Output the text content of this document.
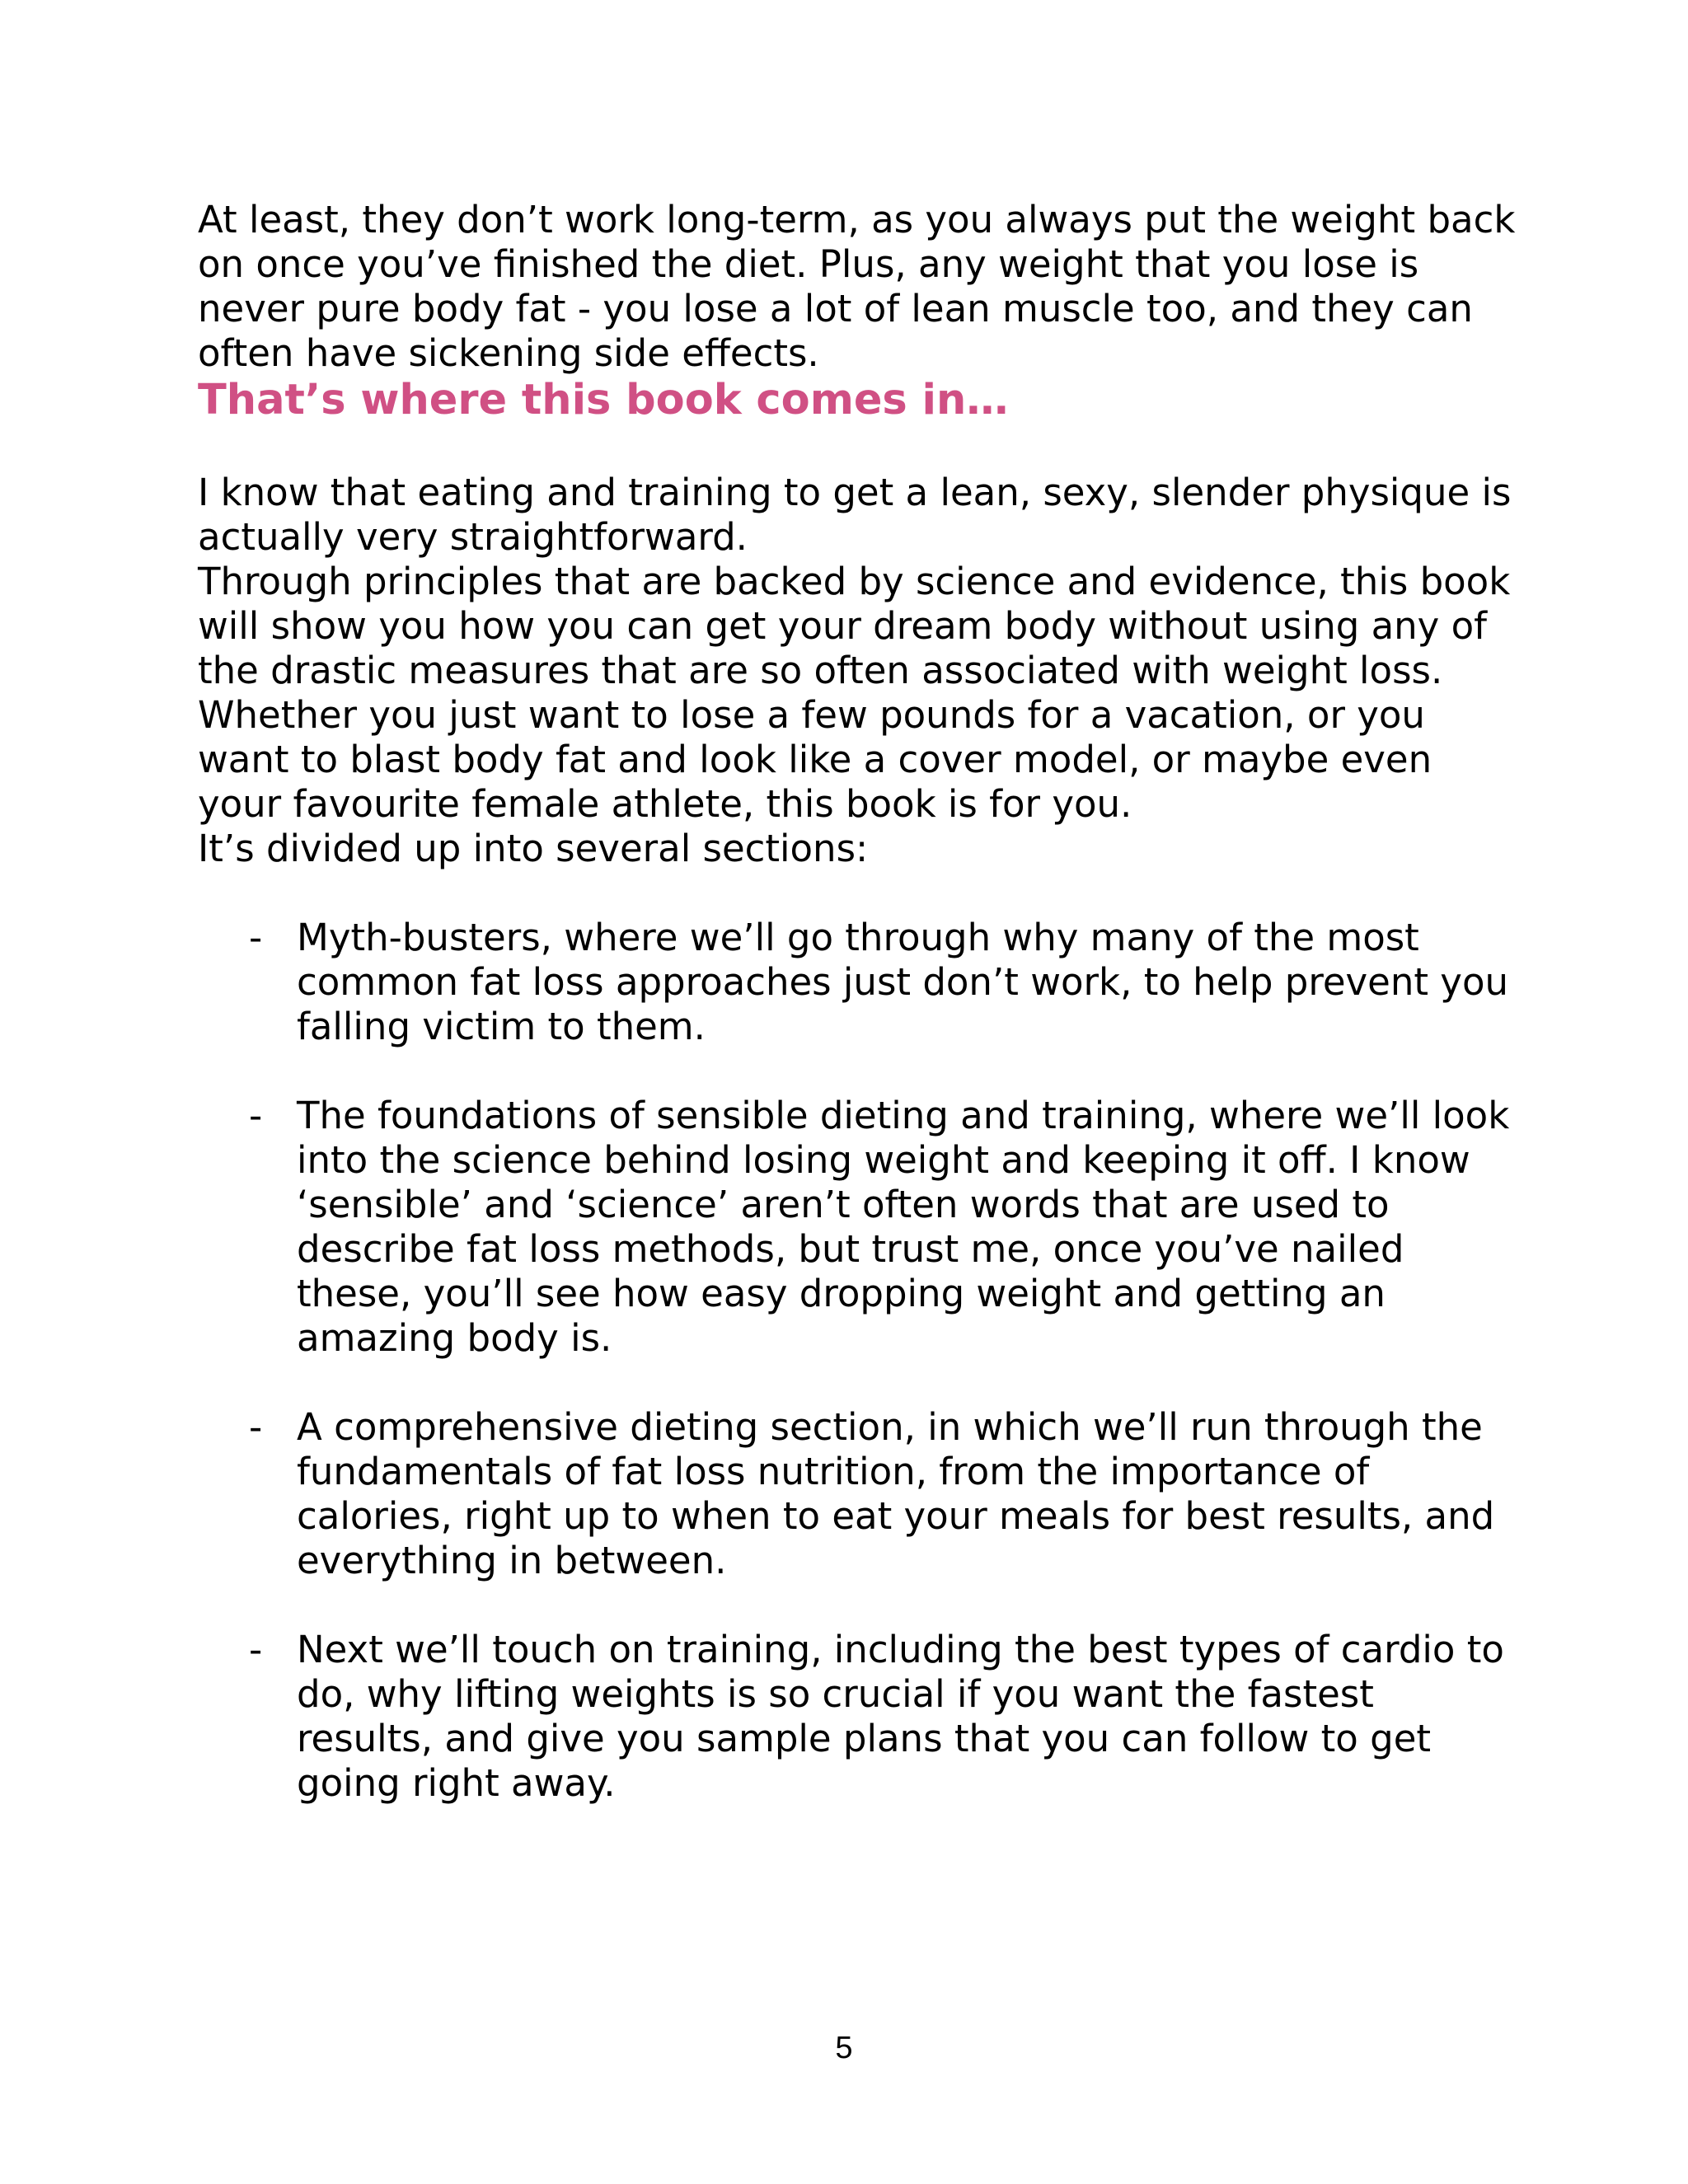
At least, they don’t work long-term, as you always put the weight back on once you’ve finished the diet. Plus, any weight that you lose is never pure body fat - you lose a lot of lean muscle too, and they can often have sickening side effects.

That’s where this book comes in…

I know that eating and training to get a lean, sexy, slender physique is actually very straightforward.

Through principles that are backed by science and evidence, this book will show you how you can get your dream body without using any of the drastic measures that are so often associated with weight loss.

Whether you just want to lose a few pounds for a vacation, or you want to blast body fat and look like a cover model, or maybe even your favourite female athlete, this book is for you.

It’s divided up into several sections:

- Myth-busters, where we’ll go through why many of the most common fat loss approaches just don’t work, to help prevent you falling victim to them.
- The foundations of sensible dieting and training, where we’ll look into the science behind losing weight and keeping it off. I know ‘sensible’ and ‘science’ aren’t often words that are used to describe fat loss methods, but trust me, once you’ve nailed these, you’ll see how easy dropping weight and getting an amazing body is.
- A comprehensive dieting section, in which we’ll run through the fundamentals of fat loss nutrition, from the importance of calories, right up to when to eat your meals for best results, and everything in between.
- Next we’ll touch on training, including the best types of cardio to do, why lifting weights is so crucial if you want the fastest results, and give you sample plans that you can follow to get going right away.
5
